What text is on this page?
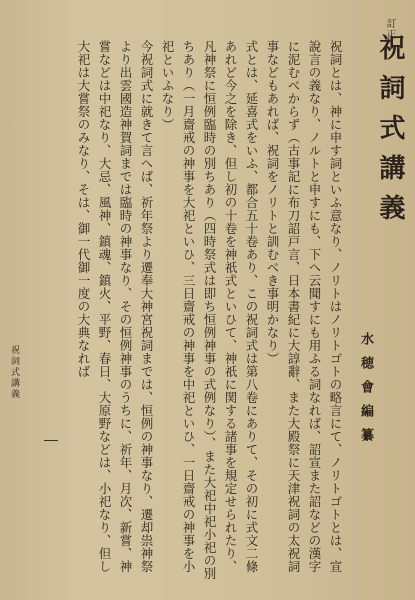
訂正
祝詞式講義
水穂會編纂

祝詞とは、神に申す詞といふ意なり、ノリトはノリトゴトの略言にて、ノリトゴトとは、宣說言の義なり、ノルトと申すにも、下へ云聞すにも用ふる詞なれば、詔宣また詔などの漢字に泥むべからず（古事記に布刀詔戸言、日本書紀に大諄辭、また大殿祭に天津祝詞の太祝詞事などもあれば、祝詞をノリトと訓むべき事明かなり）

式とは、延喜式をいふ、都合五十卷あり、この祝詞式は第八卷にありて、その初に式文二條あれど今之を除き、但し初の十卷を神祇式といひて、神祇に関する諸事を規定せられたり、凡神祭に恒例臨時の別ちあり（四時祭式は即ち恒例神事の式例なり）、また大祀中祀小祀の別ちあり（一月齋戒の神事を大祀といひ、三日齋戒の神事を中祀といひ、一日齋戒の神事を小祀といふなり）

今祝詞式に就きて言へば、祈年祭より遷奉大神宮祝詞までは、恒例の神事なり、遷却祟神祭より出雲國造神賀詞までは臨時の神事なり、その恒例神事のうちに、祈年、月次、新嘗、神嘗などは中祀なり、大忌、風神、鎮魂、鎮火、平野、春日、大原野などは、小祀なり、但し大祀は大嘗祭のみなり、そは、御一代御一度の大典なれば

祝詞式講義
